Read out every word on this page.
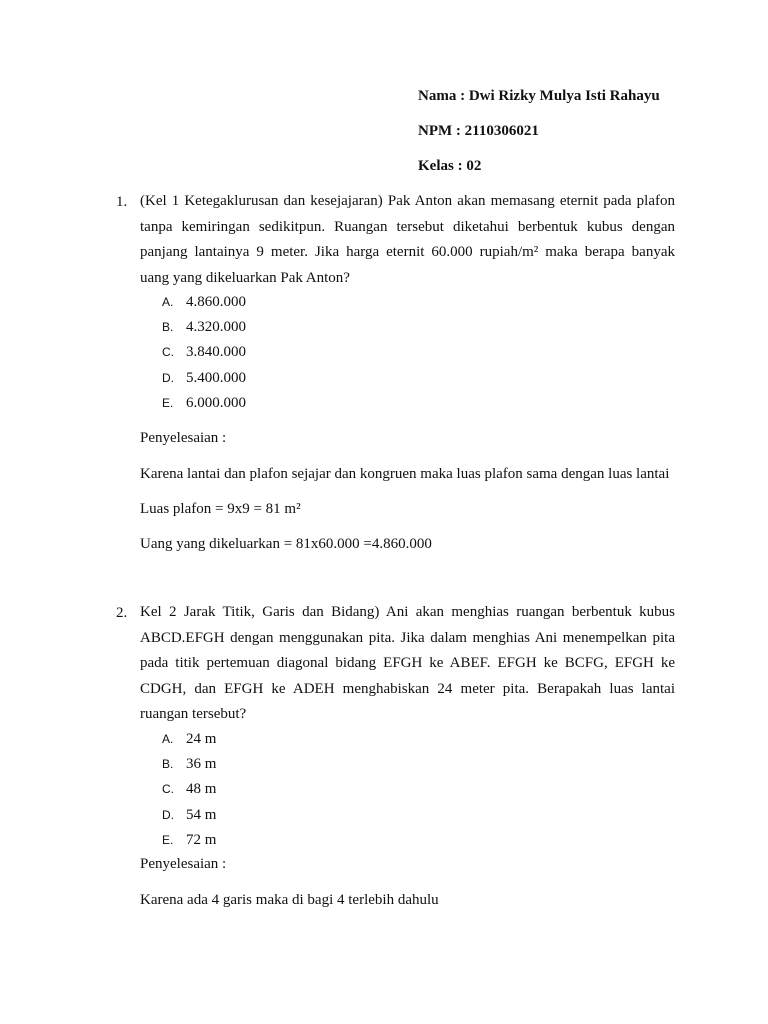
Nama : Dwi Rizky Mulya Isti Rahayu
NPM : 2110306021
Kelas : 02
1. (Kel 1 Ketegaklurusan dan kesejajaran) Pak Anton akan memasang eternit pada plafon
tanpa kemiringan sedikitpun. Ruangan tersebut diketahui berbentuk kubus dengan
panjang lantainya 9 meter. Jika harga eternit 60.000 rupiah/m² maka berapa banyak
uang yang dikeluarkan Pak Anton?
A. 4.860.000
B. 4.320.000
C. 3.840.000
D. 5.400.000
E. 6.000.000
Penyelesaian :
Karena lantai dan plafon sejajar dan kongruen maka luas plafon sama dengan luas lantai
Luas plafon = 9x9 = 81 m²
Uang yang dikeluarkan = 81x60.000 =4.860.000
2. Kel 2 Jarak Titik, Garis dan Bidang) Ani akan menghias ruangan berbentuk kubus
ABCD.EFGH dengan menggunakan pita. Jika dalam menghias Ani menempelkan pita
pada titik pertemuan diagonal bidang EFGH ke ABEF. EFGH ke BCFG, EFGH ke
CDGH, dan EFGH ke ADEH menghabiskan 24 meter pita. Berapakah luas lantai
ruangan tersebut?
A. 24 m
B. 36 m
C. 48 m
D. 54 m
E. 72 m
Penyelesaian :
Karena ada 4 garis maka di bagi 4 terlebih dahulu
